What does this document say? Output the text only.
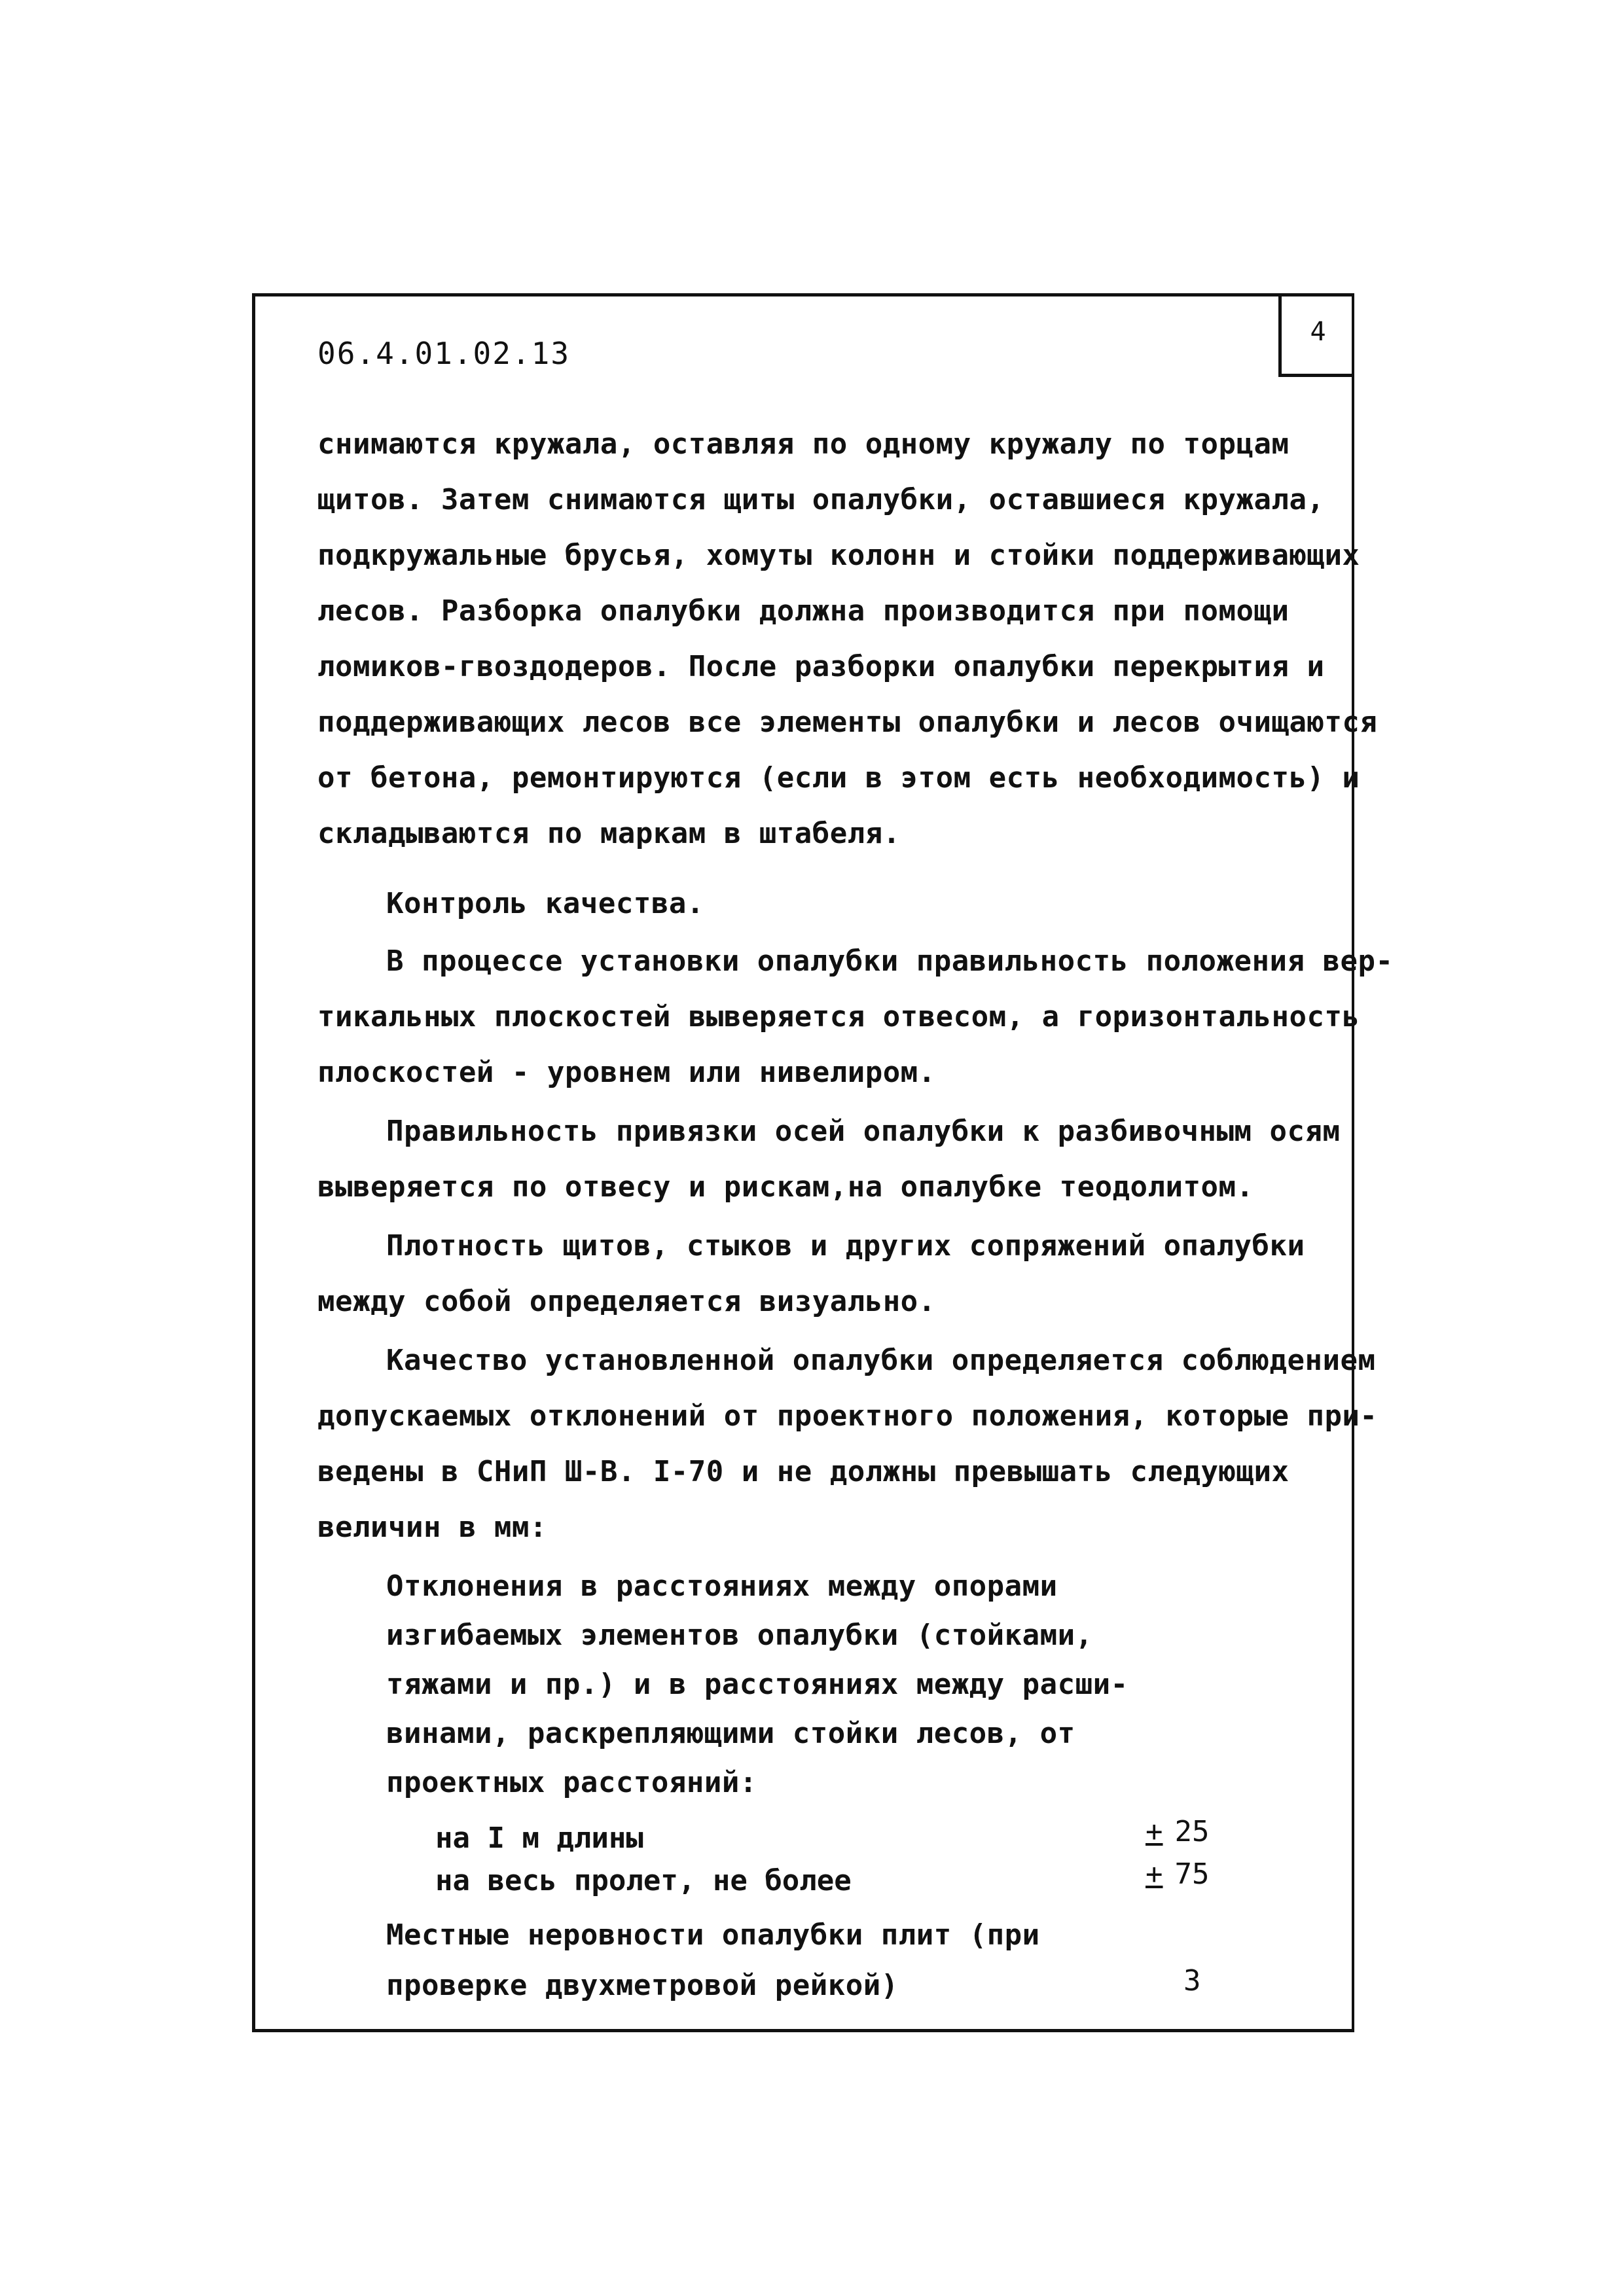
4
06.4.01.02.13
снимаются кружала, оставляя по одному кружалу по торцам
щитов. Затем снимаются щиты опалубки, оставшиеся кружала,
подкружальные брусья, хомуты колонн и стойки поддерживающих
лесов. Разборка опалубки должна производится при помощи
ломиков-гвоздодеров. После разборки опалубки перекрытия и
поддерживающих лесов все элементы опалубки и лесов очищаются
от бетона, ремонтируются (если в этом есть необходимость) и
складываются по маркам в штабеля.
Контроль качества.
В процессе установки опалубки правильность положения вер-
тикальных плоскостей выверяется отвесом, а горизонтальность
плоскостей - уровнем или нивелиром.
Правильность привязки осей опалубки к разбивочным осям
выверяется по отвесу и рискам,на опалубке теодолитом.
Плотность щитов, стыков и других сопряжений опалубки
между собой определяется визуально.
Качество установленной опалубки определяется соблюдением
допускаемых отклонений от проектного положения, которые при-
ведены в СНиП Ш-В. I-70 и не должны превышать следующих
величин в мм:
Отклонения в расстояниях между опорами
изгибаемых элементов опалубки (стойками,
тяжами и пр.) и в расстояниях между расши-
винами, раскрепляющими стойки лесов, от
проектных расстояний:
на I м длины	+ 25
на весь пролет, не более	+ 75
Местные неровности опалубки плит (при
проверке двухметровой рейкой)	3
